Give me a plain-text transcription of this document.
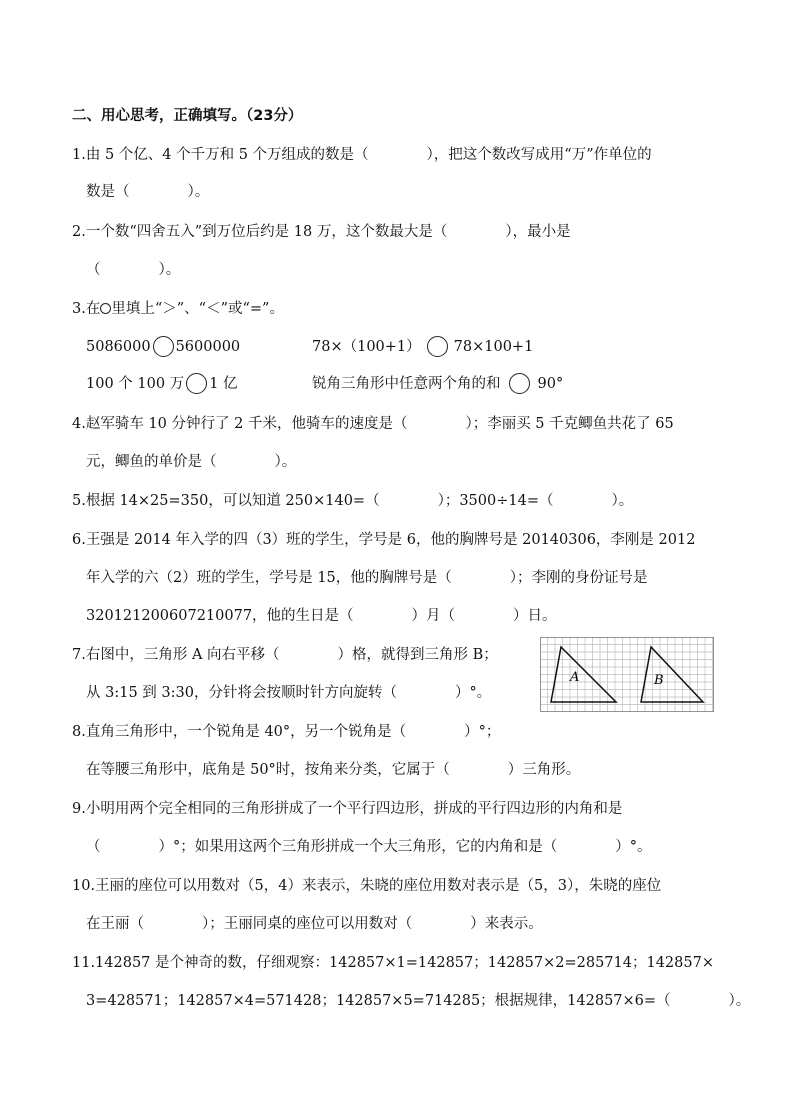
二、用心思考，正确填写。（23分）
1.由 5 个亿、4 个千万和 5 个万组成的数是（　　　　），把这个数改写成用“万”作单位的
数是（　　　　）。
2.一个数“四舍五入”到万位后约是 18 万，这个数最大是（　　　　），最小是
（　　　　）。
3.在 里填上“＞”、“＜”或“=”。
5086000 5600000	78×（100+1） 78×100+1
100 个 100 万 1 亿	锐角三角形中任意两个角的和	90°
4.赵军骑车 10 分钟行了 2 千米，他骑车的速度是（　　　　）；李丽买 5 千克鲫鱼共花了 65
元，鲫鱼的单价是（　　　　）。
5.根据 14×25=350，可以知道 250×140=（　　　　）；3500÷14=（　　　　）。
6.王强是 2014 年入学的四（3）班的学生，学号是 6，他的胸牌号是 20140306，李刚是 2012
年入学的六（2）班的学生，学号是 15，他的胸牌号是（　　　　）；李刚的身份证号是
320121200607210077，他的生日是（　　　　）月（　　　　）日。
7.右图中，三角形 A 向右平移（　　　　）格，就得到三角形 B；
从 3:15 到 3:30，分针将会按顺时针方向旋转（　　　　）°。
A	B
8.直角三角形中，一个锐角是 40°，另一个锐角是（　　　　）°；
在等腰三角形中，底角是 50°时，按角来分类，它属于（　　　　）三角形。
9.小明用两个完全相同的三角形拼成了一个平行四边形，拼成的平行四边形的内角和是
（　　　　）°；如果用这两个三角形拼成一个大三角形，它的内角和是（　　　　）°。
10.王丽的座位可以用数对（5，4）来表示，朱晓的座位用数对表示是（5，3），朱晓的座位
在王丽（　　　　）；王丽同桌的座位可以用数对（　　　　）来表示。
11.142857 是个神奇的数，仔细观察：142857×1=142857；142857×2=285714；142857×
3=428571；142857×4=571428；142857×5=714285；根据规律，142857×6=（　　　　）。
